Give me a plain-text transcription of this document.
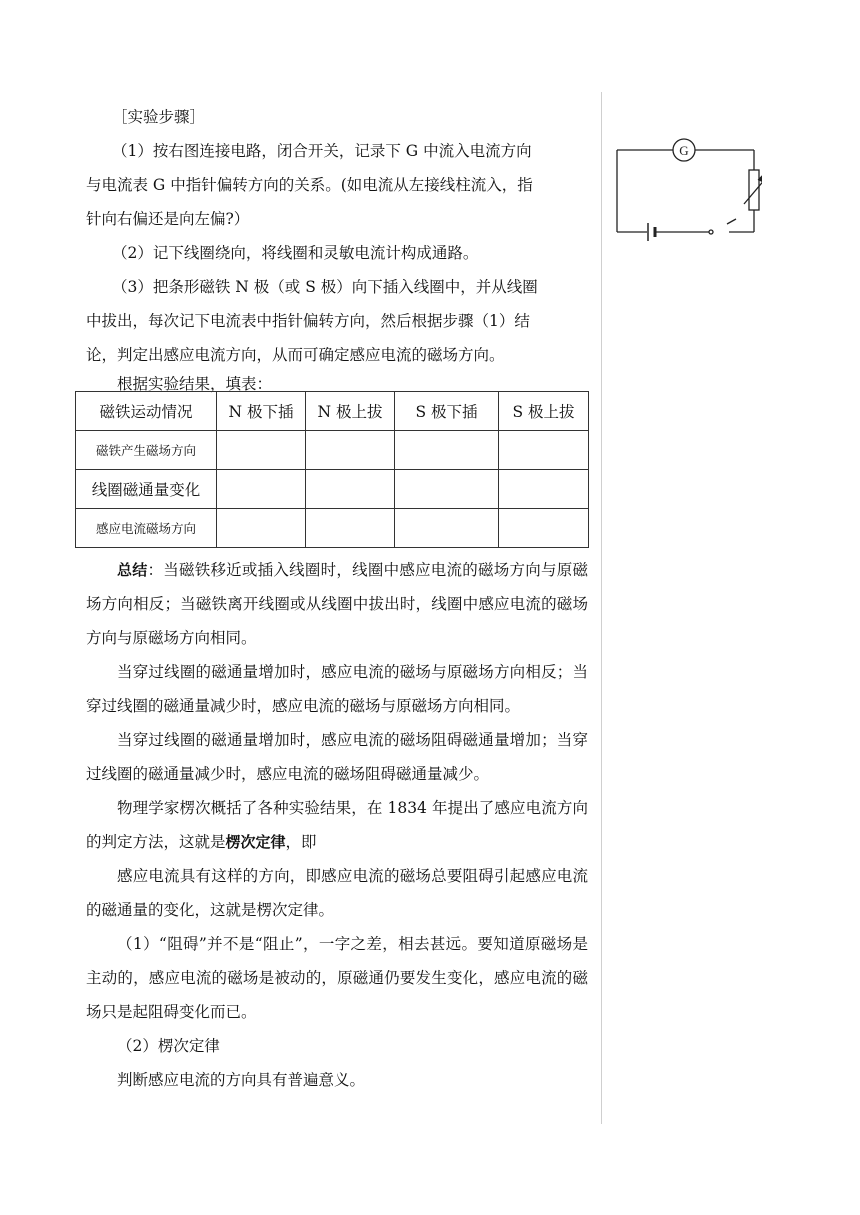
［实验步骤］
（1）按右图连接电路，闭合开关，记录下 G 中流入电流方向
与电流表 G 中指针偏转方向的关系。(如电流从左接线柱流入，指
针向右偏还是向左偏?）
（2）记下线圈绕向，将线圈和灵敏电流计构成通路。
（3）把条形磁铁 N 极（或 S 极）向下插入线圈中，并从线圈
中拔出，每次记下电流表中指针偏转方向，然后根据步骤（1）结
论，判定出感应电流方向，从而可确定感应电流的磁场方向。
根据实验结果，填表：
磁铁运动情况	N 极下插	N 极上拔	S 极下插	S 极上拔
磁铁产生磁场方向				
线圈磁通量变化				
感应电流磁场方向				

总结：当磁铁移近或插入线圈时，线圈中感应电流的磁场方向与原磁场方向相反；当磁铁离开线圈或从线圈中拔出时，线圈中感应电流的磁场方向与原磁场方向相同。

当穿过线圈的磁通量增加时，感应电流的磁场与原磁场方向相反；当穿过线圈的磁通量减少时，感应电流的磁场与原磁场方向相同。

当穿过线圈的磁通量增加时，感应电流的磁场阻碍磁通量增加；当穿过线圈的磁通量减少时，感应电流的磁场阻碍磁通量减少。

物理学家楞次概括了各种实验结果，在 1834 年提出了感应电流方向的判定方法，这就是楞次定律，即

感应电流具有这样的方向，即感应电流的磁场总要阻碍引起感应电流的磁通量的变化，这就是楞次定律。

（1）“阻碍”并不是“阻止”，一字之差，相去甚远。要知道原磁场是主动的，感应电流的磁场是被动的，原磁通仍要发生变化，感应电流的磁场只是起阻碍变化而已。

（2）楞次定律

判断感应电流的方向具有普遍意义。

G
